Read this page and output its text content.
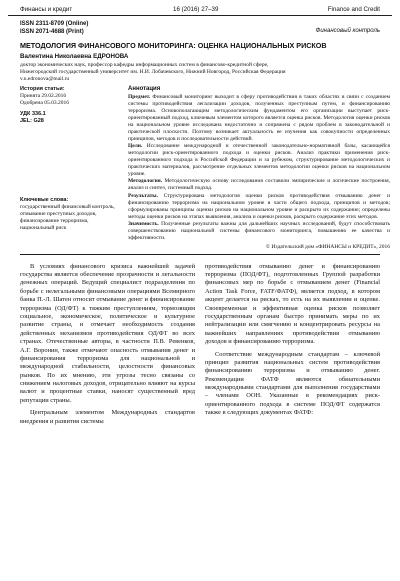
Финансы и кредит	16 (2016) 27–39	Finance and Credit
ISSN 2311-8709 (Online)
ISSN 2071-4688 (Print)	Финансовый контроль
МЕТОДОЛОГИЯ ФИНАНСОВОГО МОНИТОРИНГА: ОЦЕНКА НАЦИОНАЛЬНЫХ РИСКОВ
Валентина Николаевна ЕДРОНОВА
доктор экономических наук, профессор кафедры информационных систем в финансово-кредитной сфере,
Нижегородский государственный университет им. Н.И. Лобачевского, Нижний Новгород, Российская Федерация
v.n.edronova@mail.ru
История статьи:
Принята 29.02.2016
Одобрена 05.03.2016
УДК 336.1
JEL: G28
Ключевые слова:
государственный финансовый контроль, отмывание преступных доходов, финансирование терроризма, национальный риск
Аннотация

Предмет. Финансовый мониторинг выходит в сферу противодействия в таких областях в связи с созданием системы противодействия легализации доходов, полученных преступным путем, и финансированию терроризма. Основополагающим методологическим фундаментом его организации выступает риск-ориентированный подход, ключевым элементом которого является оценка рисков. Методология оценки рисков на национальном уровне исследована недостаточно и сопряжена с рядом проблем в законодательной и практической плоскости. Поэтому возникает актуальность ее изучения как совокупности определенных принципов, методов и последовательности действий.

Цели. Исследование международной и отечественной законодательно-нормативной базы, касающейся методологии риск-ориентированного подхода и оценки рисков. Анализ практики применения риск-ориентированного подхода в Российской Федерации и за рубежом, структурирование методологических и практических материалов, рассмотрение отдельных элементов методологии оценки рисков на национальном уровне.

Методология. Методологическую основу исследования составили эмпирические и логические построения, анализ и синтез, системный подход.

Результаты. Структурирована методология оценки рисков противодействия отмыванию денег и финансированию терроризма на национальном уровне в части общего подхода, принципов и методов; сформулированы принципы оценки рисков на национальном уровне и раскрыто их содержание; определены методы оценки рисков на этапах выявления, анализа и оценки рисков, раскрыто содержание этих методов.

Значимость. Полученные результаты важны для дальнейших научных исследований, будут способствовать совершенствованию национальной системы финансового мониторинга, повышению ее качества и эффективности.

© Издательский дом «ФИНАНСЫ и КРЕДИТ», 2016

В условиях финансового кризиса важнейшей задачей государства является обеспечение прозрачности и легальности денежных операций. Ведущий специалист подразделения по борьбе с нелегальными финансовыми операциями Всемирного банка П.-Л. Шатен относит отмывание денег и финансирование терроризма (ОД/ФТ) к тяжким преступлениям, тормозящим социальное, экономическое, политическое и культурное развитие страны, и отмечает необходимость создания действенных механизмов противодействия ОД/ФТ во всех странах. Отечественные авторы, в частности П.В. Ревенков, А.Г. Воронин, также отмечают опасность отмывания денег и финансирования терроризма для национальной и международной стабильности, целостности финансовых рынков. По их мнению, эти угрозы тесно связаны со снижением налоговых доходов, отрицательно влияют на курсы валют и процентные ставки, наносят существенный вред репутации страны.

Центральным элементом Международных стандартов внедрения и развития системы

противодействия отмыванию денег и финансированию терроризма (ПОД/ФТ), подготовленных Группой разработки финансовых мер по борьбе с отмыванием денег (Financial Action Task Force, FATF/ФАТФ), является подход, в котором акцент делается на рисках, то есть на их выявлении и оценке. Своевременная и эффективная оценка рисков позволяет государственным органам быстро принимать меры по их нейтрализации или смягчению и концентрировать ресурсы на важнейших направлениях противодействия отмыванию доходов и финансированию терроризма.

Соответствие международным стандартам – ключевой принцип развития национальных систем противодействия финансированию терроризма и отмыванию денег. Рекомендации ФАТФ являются обязательными международными стандартами для выполнения государствами – членами ООН. Указанные в рекомендациях риск-ориентированного подхода в системе ПОД/ФТ содержатся также в следующих документах ФАТФ:
